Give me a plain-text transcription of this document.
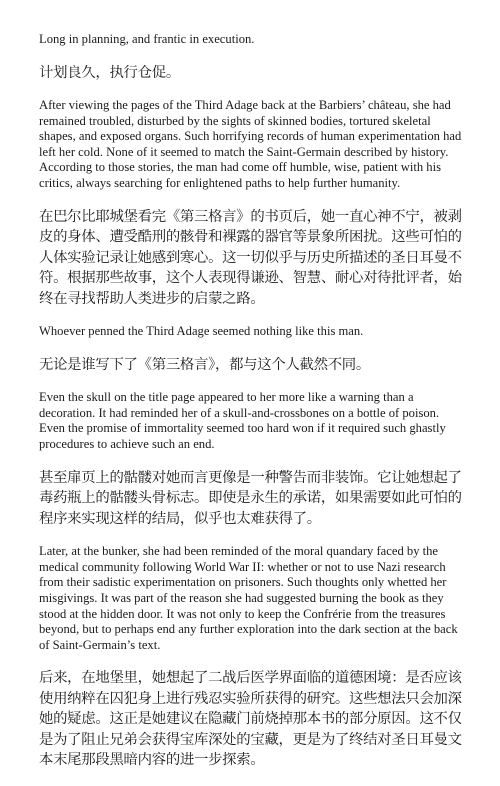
Long in planning, and frantic in execution.

计划良久，执行仓促。

After viewing the pages of the Third Adage back at the Barbiers’ château, she had remained troubled, disturbed by the sights of skinned bodies, tortured skeletal shapes, and exposed organs. Such horrifying records of human experimentation had left her cold. None of it seemed to match the Saint-Germain described by history. According to those stories, the man had come off humble, wise, patient with his critics, always searching for enlightened paths to help further humanity.

在巴尔比耶城堡看完《第三格言》的书页后，她一直心神不宁，被剥皮的身体、遭受酷刑的骸骨和裸露的器官等景象所困扰。这些可怕的人体实验记录让她感到寒心。这一切似乎与历史所描述的圣日耳曼不符。根据那些故事，这个人表现得谦逊、智慧、耐心对待批评者，始终在寻找帮助人类进步的启蒙之路。

Whoever penned the Third Adage seemed nothing like this man.

无论是谁写下了《第三格言》，都与这个人截然不同。

Even the skull on the title page appeared to her more like a warning than a decoration. It had reminded her of a skull-and-crossbones on a bottle of poison. Even the promise of immortality seemed too hard won if it required such ghastly procedures to achieve such an end.

甚至扉页上的骷髅对她而言更像是一种警告而非装饰。它让她想起了毒药瓶上的骷髅头骨标志。即使是永生的承诺，如果需要如此可怕的程序来实现这样的结局，似乎也太难获得了。

Later, at the bunker, she had been reminded of the moral quandary faced by the medical community following World War II: whether or not to use Nazi research from their sadistic experimentation on prisoners. Such thoughts only whetted her misgivings. It was part of the reason she had suggested burning the book as they stood at the hidden door. It was not only to keep the Confrérie from the treasures beyond, but to perhaps end any further exploration into the dark section at the back of Saint-Germain’s text.

后来，在地堡里，她想起了二战后医学界面临的道德困境：是否应该使用纳粹在囚犯身上进行残忍实验所获得的研究。这些想法只会加深她的疑虑。这正是她建议在隐藏门前烧掉那本书的部分原因。这不仅是为了阻止兄弟会获得宝库深处的宝藏，更是为了终结对圣日耳曼文本末尾那段黑暗内容的进一步探索。
